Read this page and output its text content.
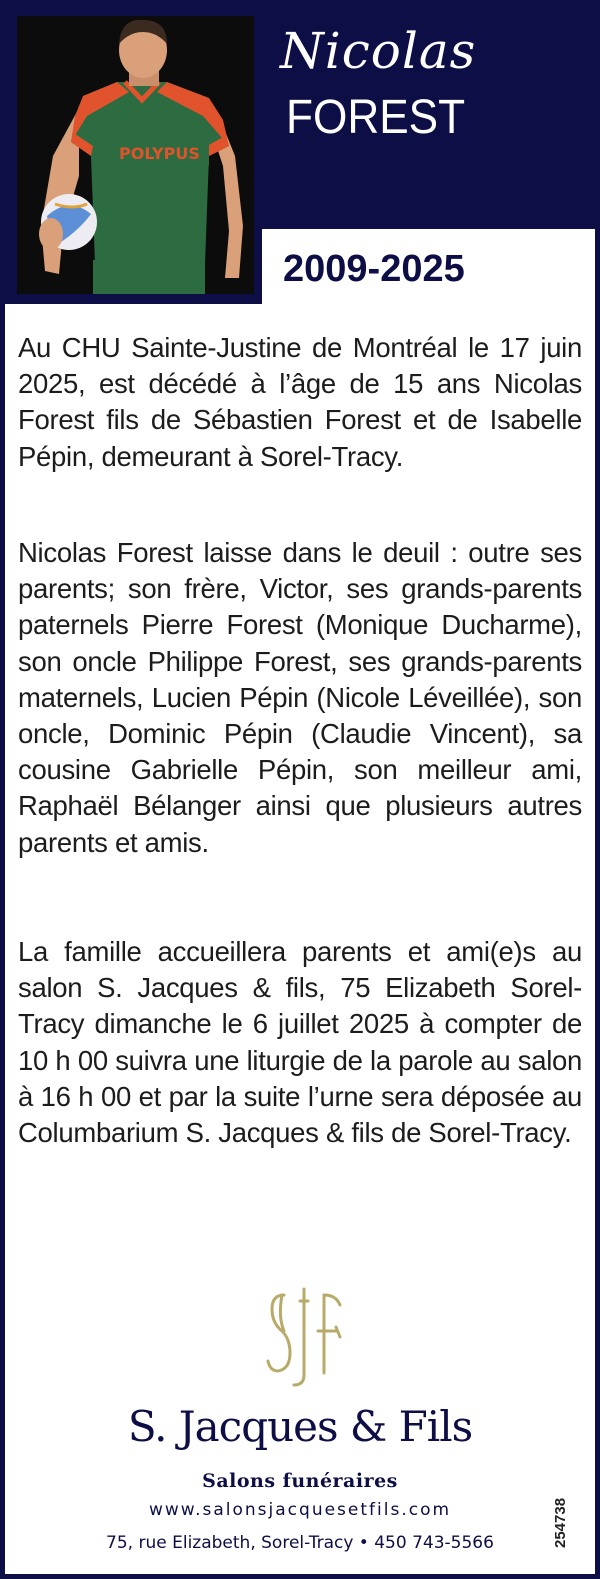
POLYPUS
Nicolas
FOREST
2009-2025

Au CHU Sainte-Justine de Montréal le 17 juin 2025, est décédé à l’âge de 15 ans Nicolas Forest fils de Sébastien Forest et de Isabelle Pépin, demeurant à Sorel-Tracy.

Nicolas Forest laisse dans le deuil : outre ses parents; son frère, Victor, ses grands-parents paternels Pierre Forest (Monique Ducharme), son oncle Philippe Forest, ses grands-parents maternels, Lucien Pépin (Nicole Léveillée), son oncle, Dominic Pépin (Claudie Vincent), sa cousine Gabrielle Pépin, son meilleur ami, Raphaël Bélanger ainsi que plusieurs autres parents et amis.

La famille accueillera parents et ami(e)s au salon S. Jacques & fils, 75 Elizabeth Sorel-Tracy dimanche le 6 juillet 2025 à compter de 10 h 00 suivra une liturgie de la parole au salon à 16 h 00 et par la suite l’urne sera déposée au Columbarium S. Jacques & fils de Sorel-Tracy.

S. Jacques & Fils
Salons funéraires
www.salonsjacquesetfils.com
75, rue Elizabeth, Sorel-Tracy • 450 743-5566	254738
